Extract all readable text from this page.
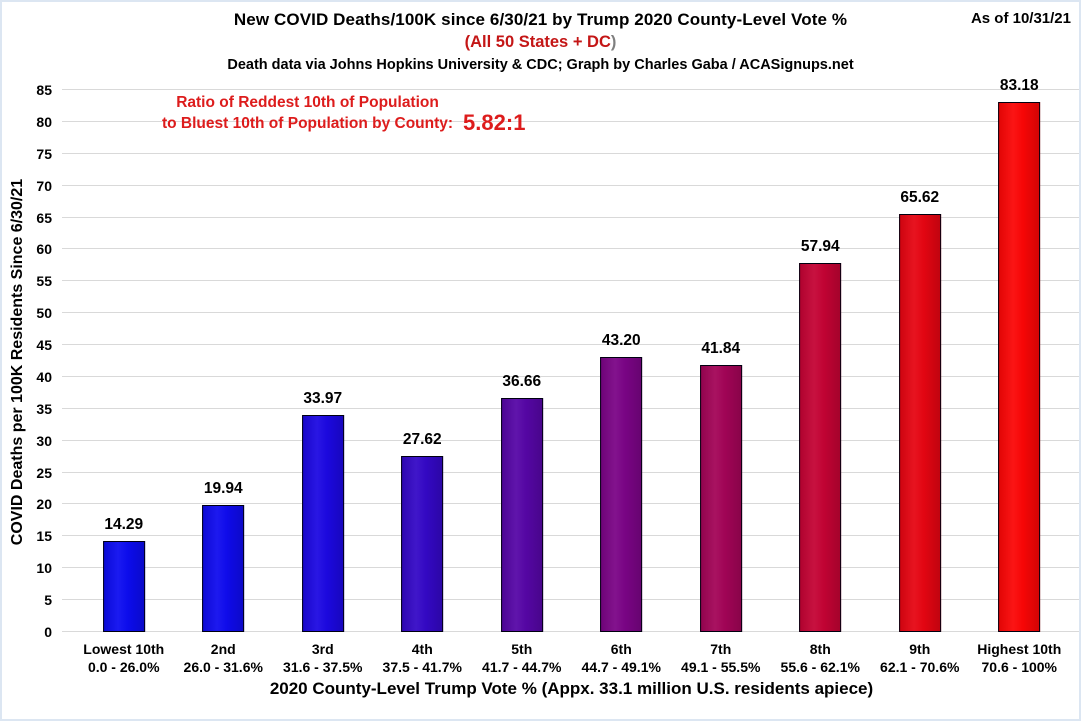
New COVID Deaths/100K since 6/30/21 by Trump 2020 County-Level Vote %
(All 50 States + DC)
Death data via Johns Hopkins University & CDC; Graph by Charles Gaba / ACASignups.net
As of 10/31/21
COVID Deaths per 100K Residents Since 6/30/21
0
5
10
15
20
25
30
35
40
45
50
55
60
65
70
75
80
85
14.29
19.94
33.97
27.62
36.66
43.20
41.84
57.94
65.62
83.18
Ratio of Reddest 10th of Population
to Bluest 10th of Population by County: 5.82:1
Lowest 10th
0.0 - 26.0%
2nd
26.0 - 31.6%
3rd
31.6 - 37.5%
4th
37.5 - 41.7%
5th
41.7 - 44.7%
6th
44.7 - 49.1%
7th
49.1 - 55.5%
8th
55.6 - 62.1%
9th
62.1 - 70.6%
Highest 10th
70.6 - 100%
2020 County-Level Trump Vote % (Appx. 33.1 million U.S. residents apiece)
